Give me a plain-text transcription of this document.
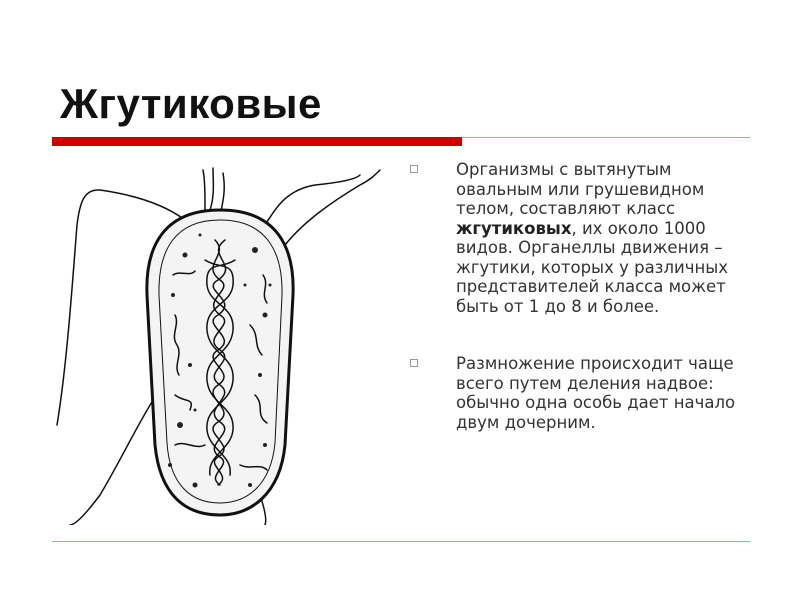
Жгутиковые
Организмы с вытянутым овальным или грушевидном телом, составляют класс жгутиковых, их около 1000 видов. Органеллы движения – жгутики, которых у различных представителей класса может быть от 1 до 8 и более.
Размножение происходит чаще всего путем деления надвое: обычно одна особь дает начало двум дочерним.
